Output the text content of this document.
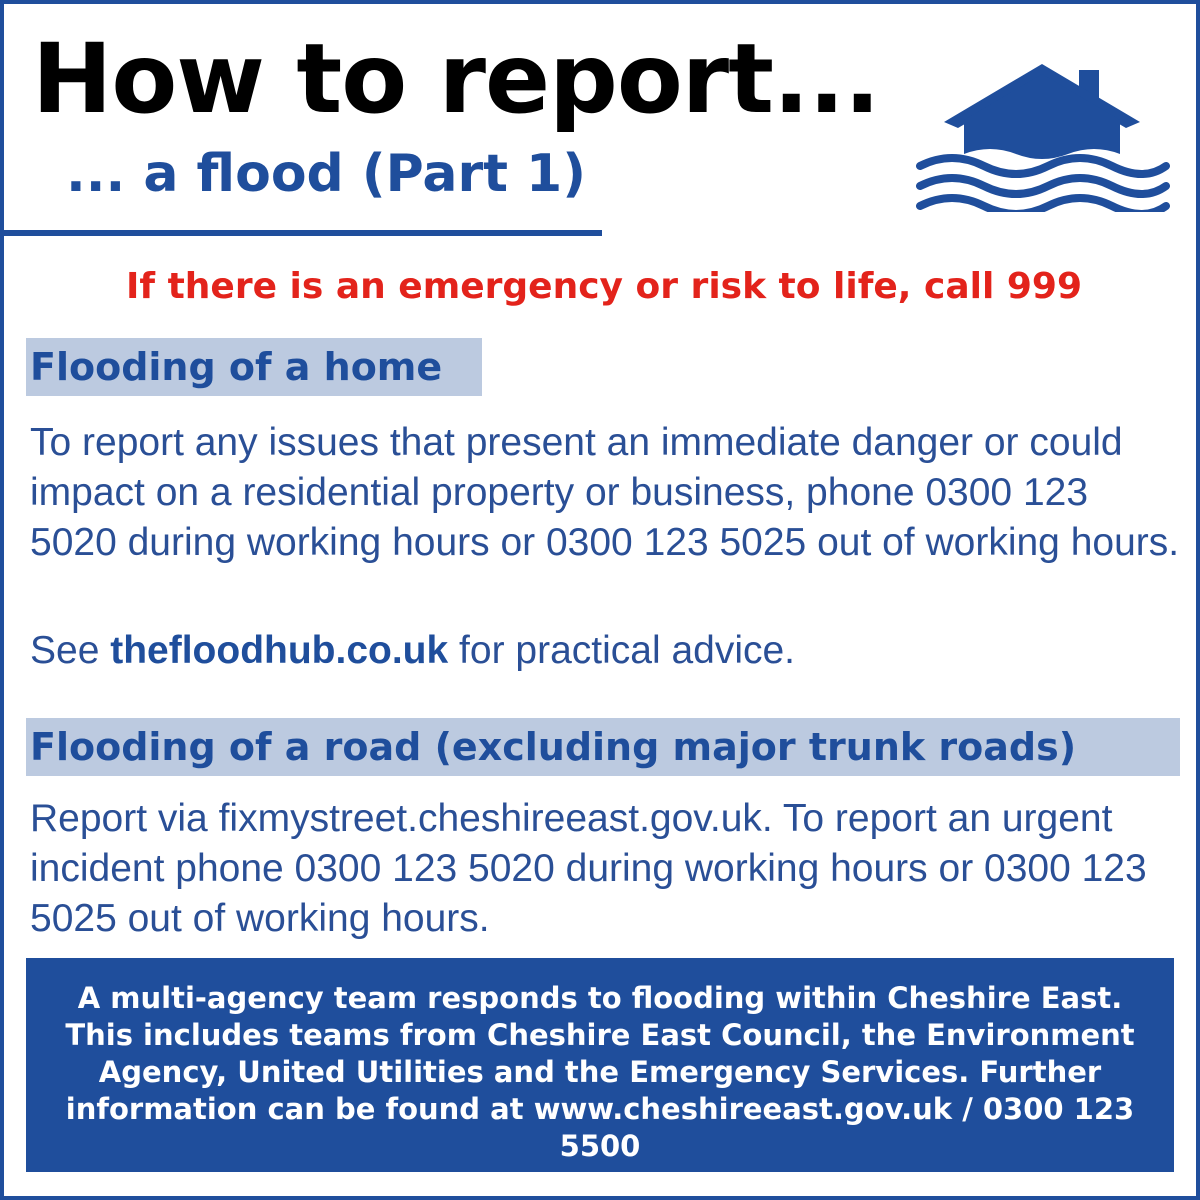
How to report...
... a flood (Part 1)

If there is an emergency or risk to life, call 999

Flooding of a home

To report any issues that present an immediate danger or could impact on a residential property or business, phone 0300 123 5020 during working hours or 0300 123 5025 out of working hours.

See thefloodhub.co.uk for practical advice.

Flooding of a road (excluding major trunk roads)

Report via fixmystreet.cheshireeast.gov.uk. To report an urgent incident phone 0300 123 5020 during working hours or 0300 123 5025 out of working hours.

A multi-agency team responds to flooding within Cheshire East. This includes teams from Cheshire East Council, the Environment Agency, United Utilities and the Emergency Services. Further information can be found at www.cheshireeast.gov.uk / 0300 123 5500
